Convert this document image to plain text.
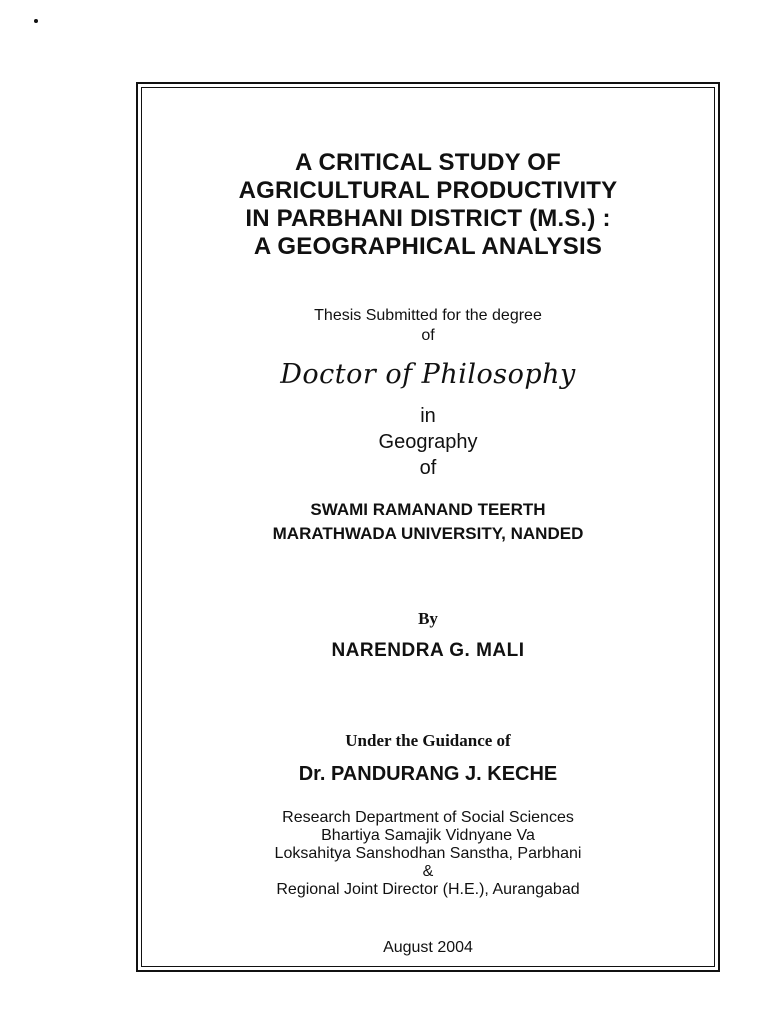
A CRITICAL STUDY OF
AGRICULTURAL PRODUCTIVITY
IN PARBHANI DISTRICT (M.S.) :
A GEOGRAPHICAL ANALYSIS
Thesis Submitted for the degree
of
Doctor of Philosophy
in
Geography
of
SWAMI RAMANAND TEERTH
MARATHWADA UNIVERSITY, NANDED
By
NARENDRA G. MALI
Under the Guidance of
Dr. PANDURANG J. KECHE
Research Department of Social Sciences
Bhartiya Samajik Vidnyane Va
Loksahitya Sanshodhan Sanstha, Parbhani
&
Regional Joint Director (H.E.), Aurangabad
August 2004
